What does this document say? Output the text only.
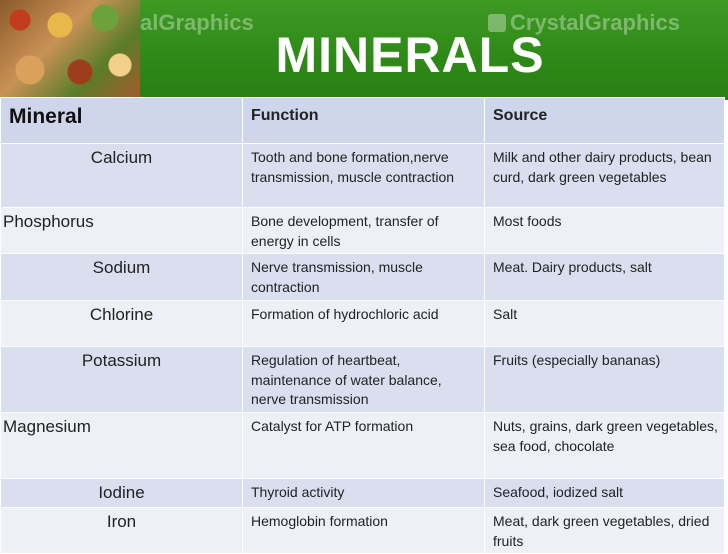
alGraphics	CrystalGraphics
MINERALS
Mineral	Function	Source
Calcium	Tooth and bone formation,nerve transmission, muscle contraction	Milk and other dairy products, bean curd, dark green vegetables
Phosphorus	Bone development, transfer of energy in cells	Most foods
Sodium	Nerve transmission, muscle contraction	Meat. Dairy products, salt
Chlorine	Formation of hydrochloric acid	Salt
Potassium	Regulation of heartbeat, maintenance of water balance, nerve transmission	Fruits (especially bananas)
Magnesium	Catalyst for ATP formation	Nuts, grains, dark green vegetables, sea food, chocolate
Iodine	Thyroid activity	Seafood, iodized salt
Iron	Hemoglobin formation	Meat, dark green vegetables, dried fruits
